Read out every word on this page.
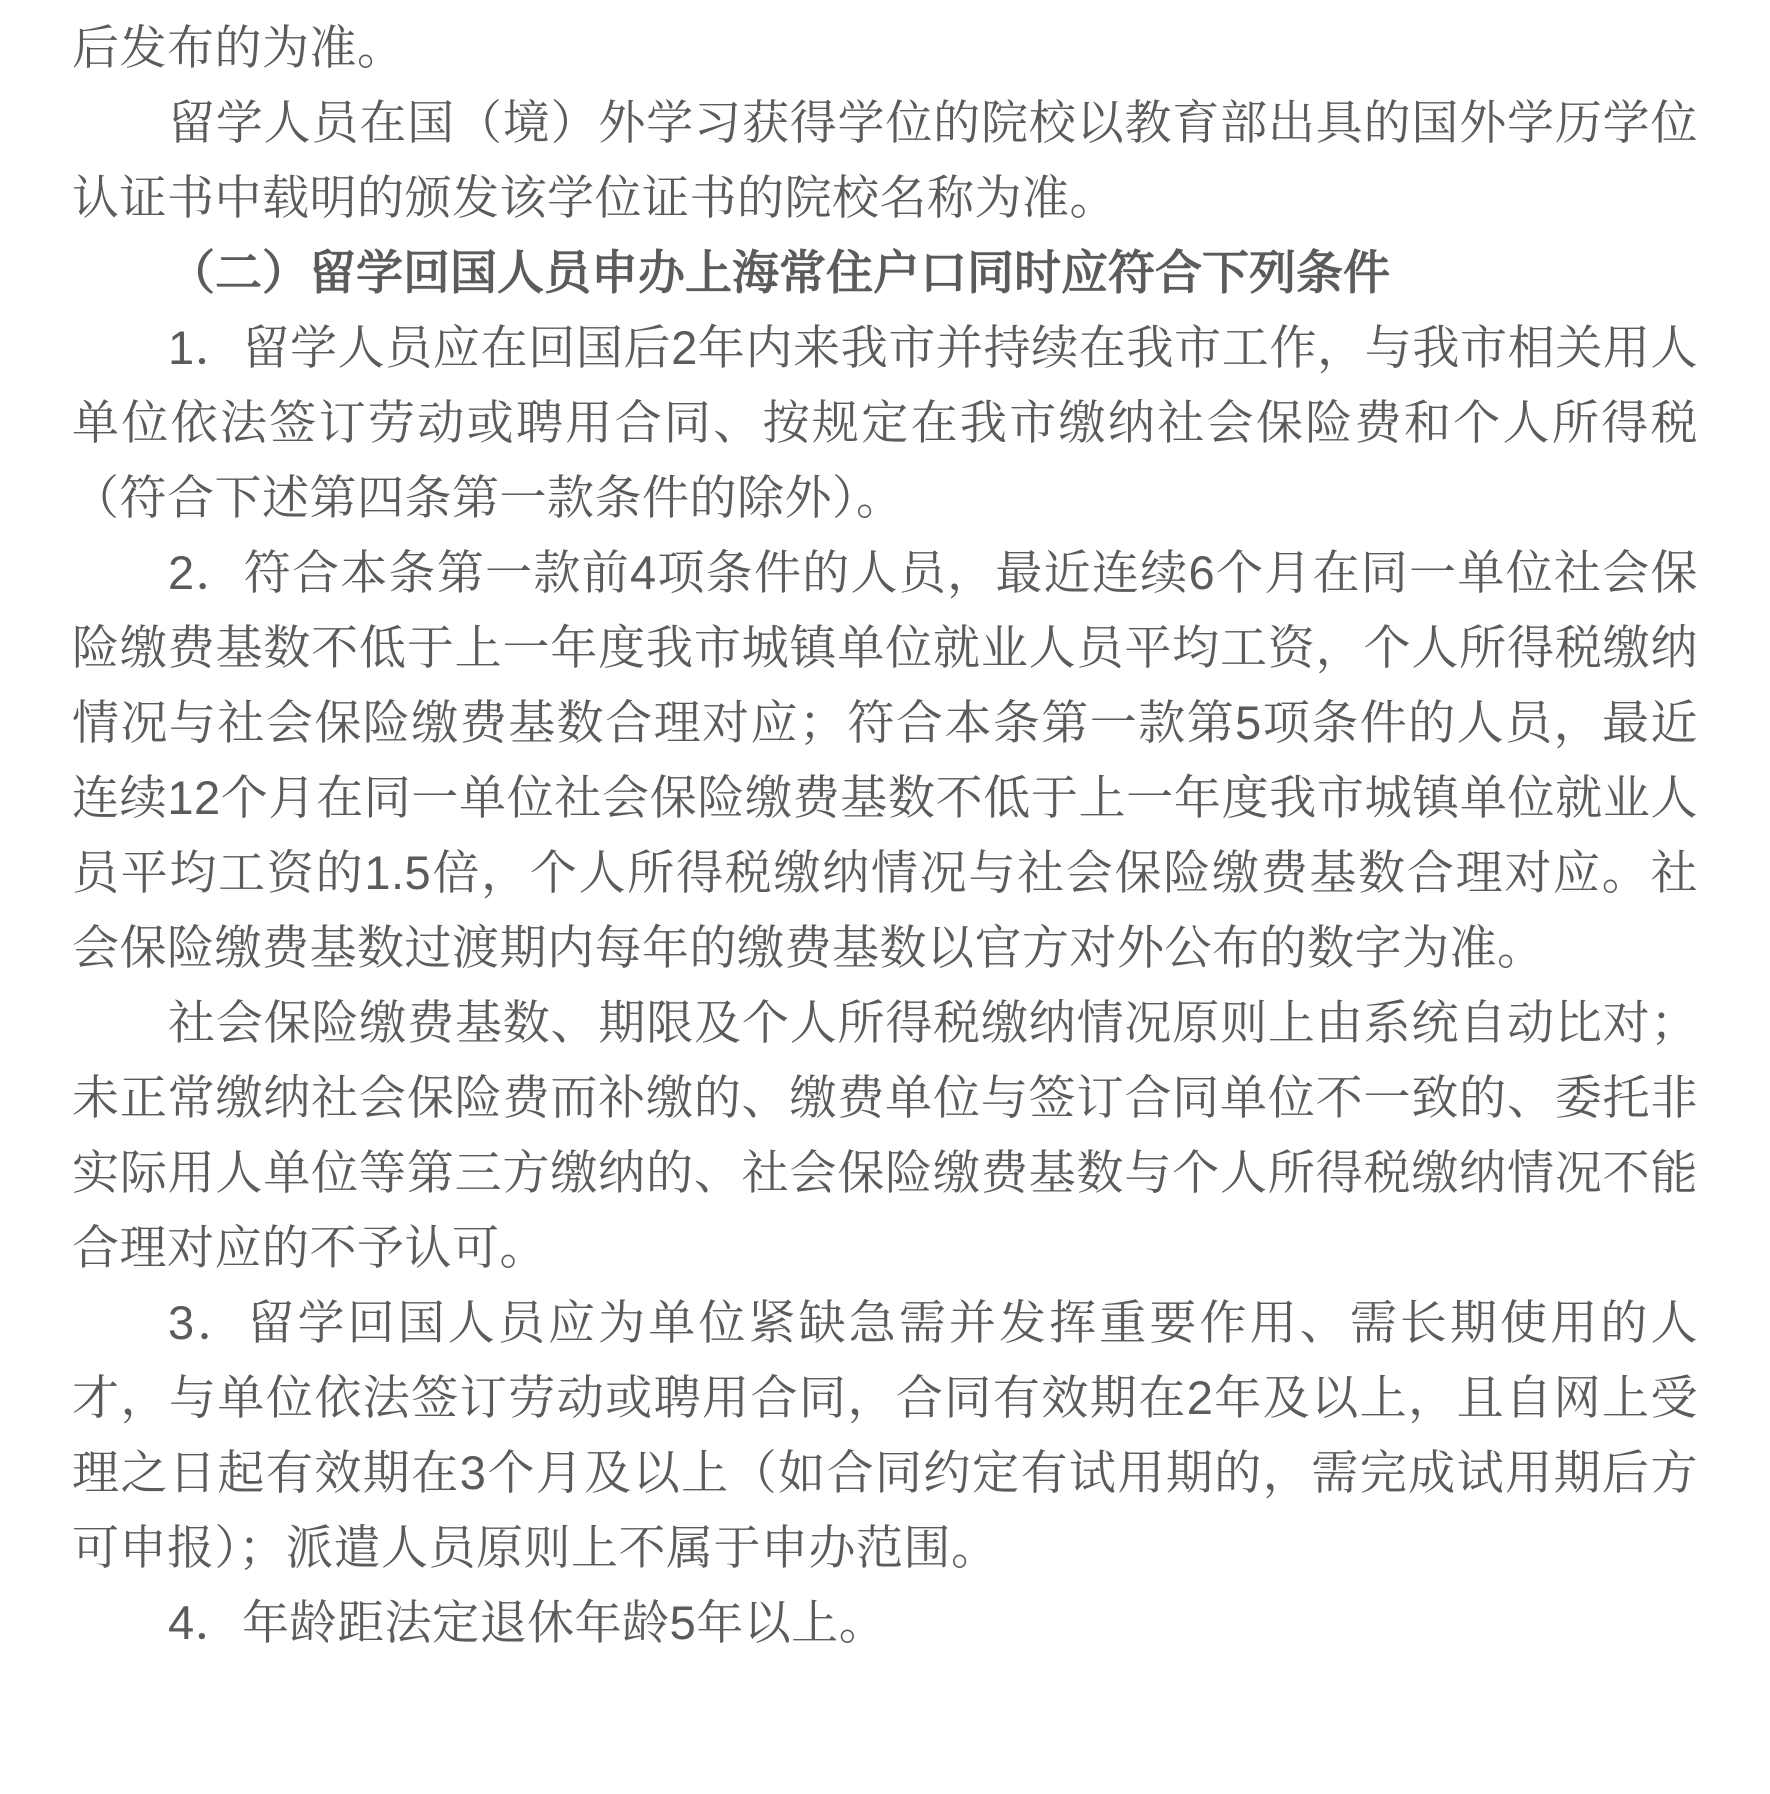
后发布的为准。

留学人员在国（境）外学习获得学位的院校以教育部出具的国外学历学位认证书中载明的颁发该学位证书的院校名称为准。

（二）留学回国人员申办上海常住户口同时应符合下列条件

1．留学人员应在回国后2年内来我市并持续在我市工作，与我市相关用人单位依法签订劳动或聘用合同、按规定在我市缴纳社会保险费和个人所得税（符合下述第四条第一款条件的除外）。

2．符合本条第一款前4项条件的人员，最近连续6个月在同一单位社会保险缴费基数不低于上一年度我市城镇单位就业人员平均工资，个人所得税缴纳情况与社会保险缴费基数合理对应；符合本条第一款第5项条件的人员，最近连续12个月在同一单位社会保险缴费基数不低于上一年度我市城镇单位就业人员平均工资的1.5倍，个人所得税缴纳情况与社会保险缴费基数合理对应。社会保险缴费基数过渡期内每年的缴费基数以官方对外公布的数字为准。

社会保险缴费基数、期限及个人所得税缴纳情况原则上由系统自动比对；未正常缴纳社会保险费而补缴的、缴费单位与签订合同单位不一致的、委托非实际用人单位等第三方缴纳的、社会保险缴费基数与个人所得税缴纳情况不能合理对应的不予认可。

3．留学回国人员应为单位紧缺急需并发挥重要作用、需长期使用的人才，与单位依法签订劳动或聘用合同，合同有效期在2年及以上，且自网上受理之日起有效期在3个月及以上（如合同约定有试用期的，需完成试用期后方可申报）；派遣人员原则上不属于申办范围。

4．年龄距法定退休年龄5年以上。
